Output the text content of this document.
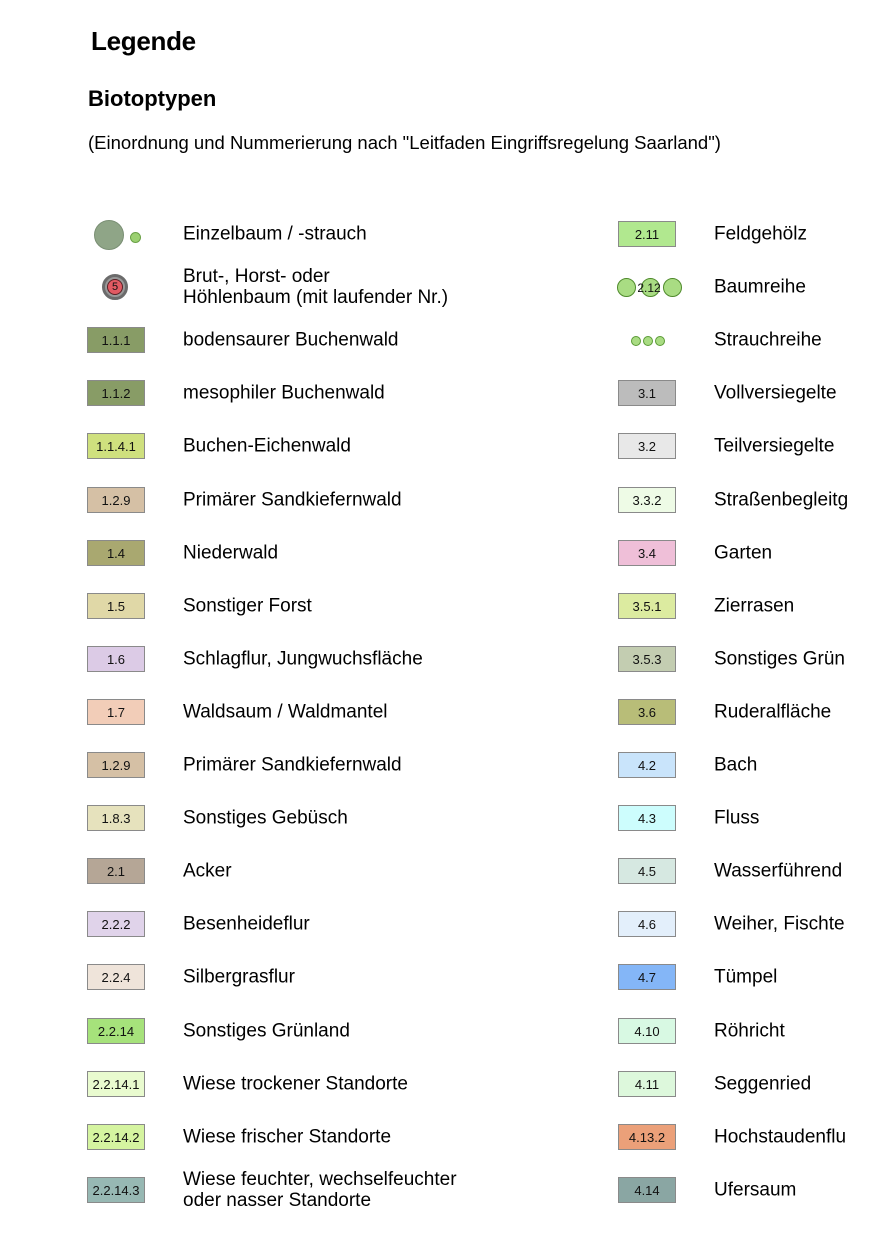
Legende
Biotoptypen
(Einordnung und Nummerierung nach "Leitfaden Eingriffsregelung Saarland")
Einzelbaum / -strauch
5	Brut-, Horst- oder

Höhlenbaum (mit laufender Nr.)
1.1.1	bodensaurer Buchenwald
1.1.2	mesophiler Buchenwald
1.1.4.1	Buchen-Eichenwald
1.2.9	Primärer Sandkiefernwald
1.4	Niederwald
1.5	Sonstiger Forst
1.6	Schlagflur, Jungwuchsfläche
1.7	Waldsaum / Waldmantel
1.2.9	Primärer Sandkiefernwald
1.8.3	Sonstiges Gebüsch
2.1	Acker
2.2.2	Besenheideflur
2.2.4	Silbergrasflur
2.2.14	Sonstiges Grünland
2.2.14.1 Wiese trockener Standorte
2.2.14.2 Wiese frischer Standorte
2.2.14.3 Wiese feuchter, wechselfeuchter

oder nasser Standorte
2.11	Feldgehölz
2.12	Baumreihe
Strauchreihe
3.1	Vollversiegelte
3.2	Teilversiegelte
3.3.2	Straßenbegleitg
3.4	Garten
3.5.1	Zierrasen
3.5.3	Sonstiges Grün
3.6	Ruderalfläche
4.2	Bach
4.3	Fluss
4.5	Wasserführend
4.6	Weiher, Fischte
4.7	Tümpel
4.10	Röhricht
4.11	Seggenried
4.13.2	Hochstaudenflu
4.14	Ufersaum
